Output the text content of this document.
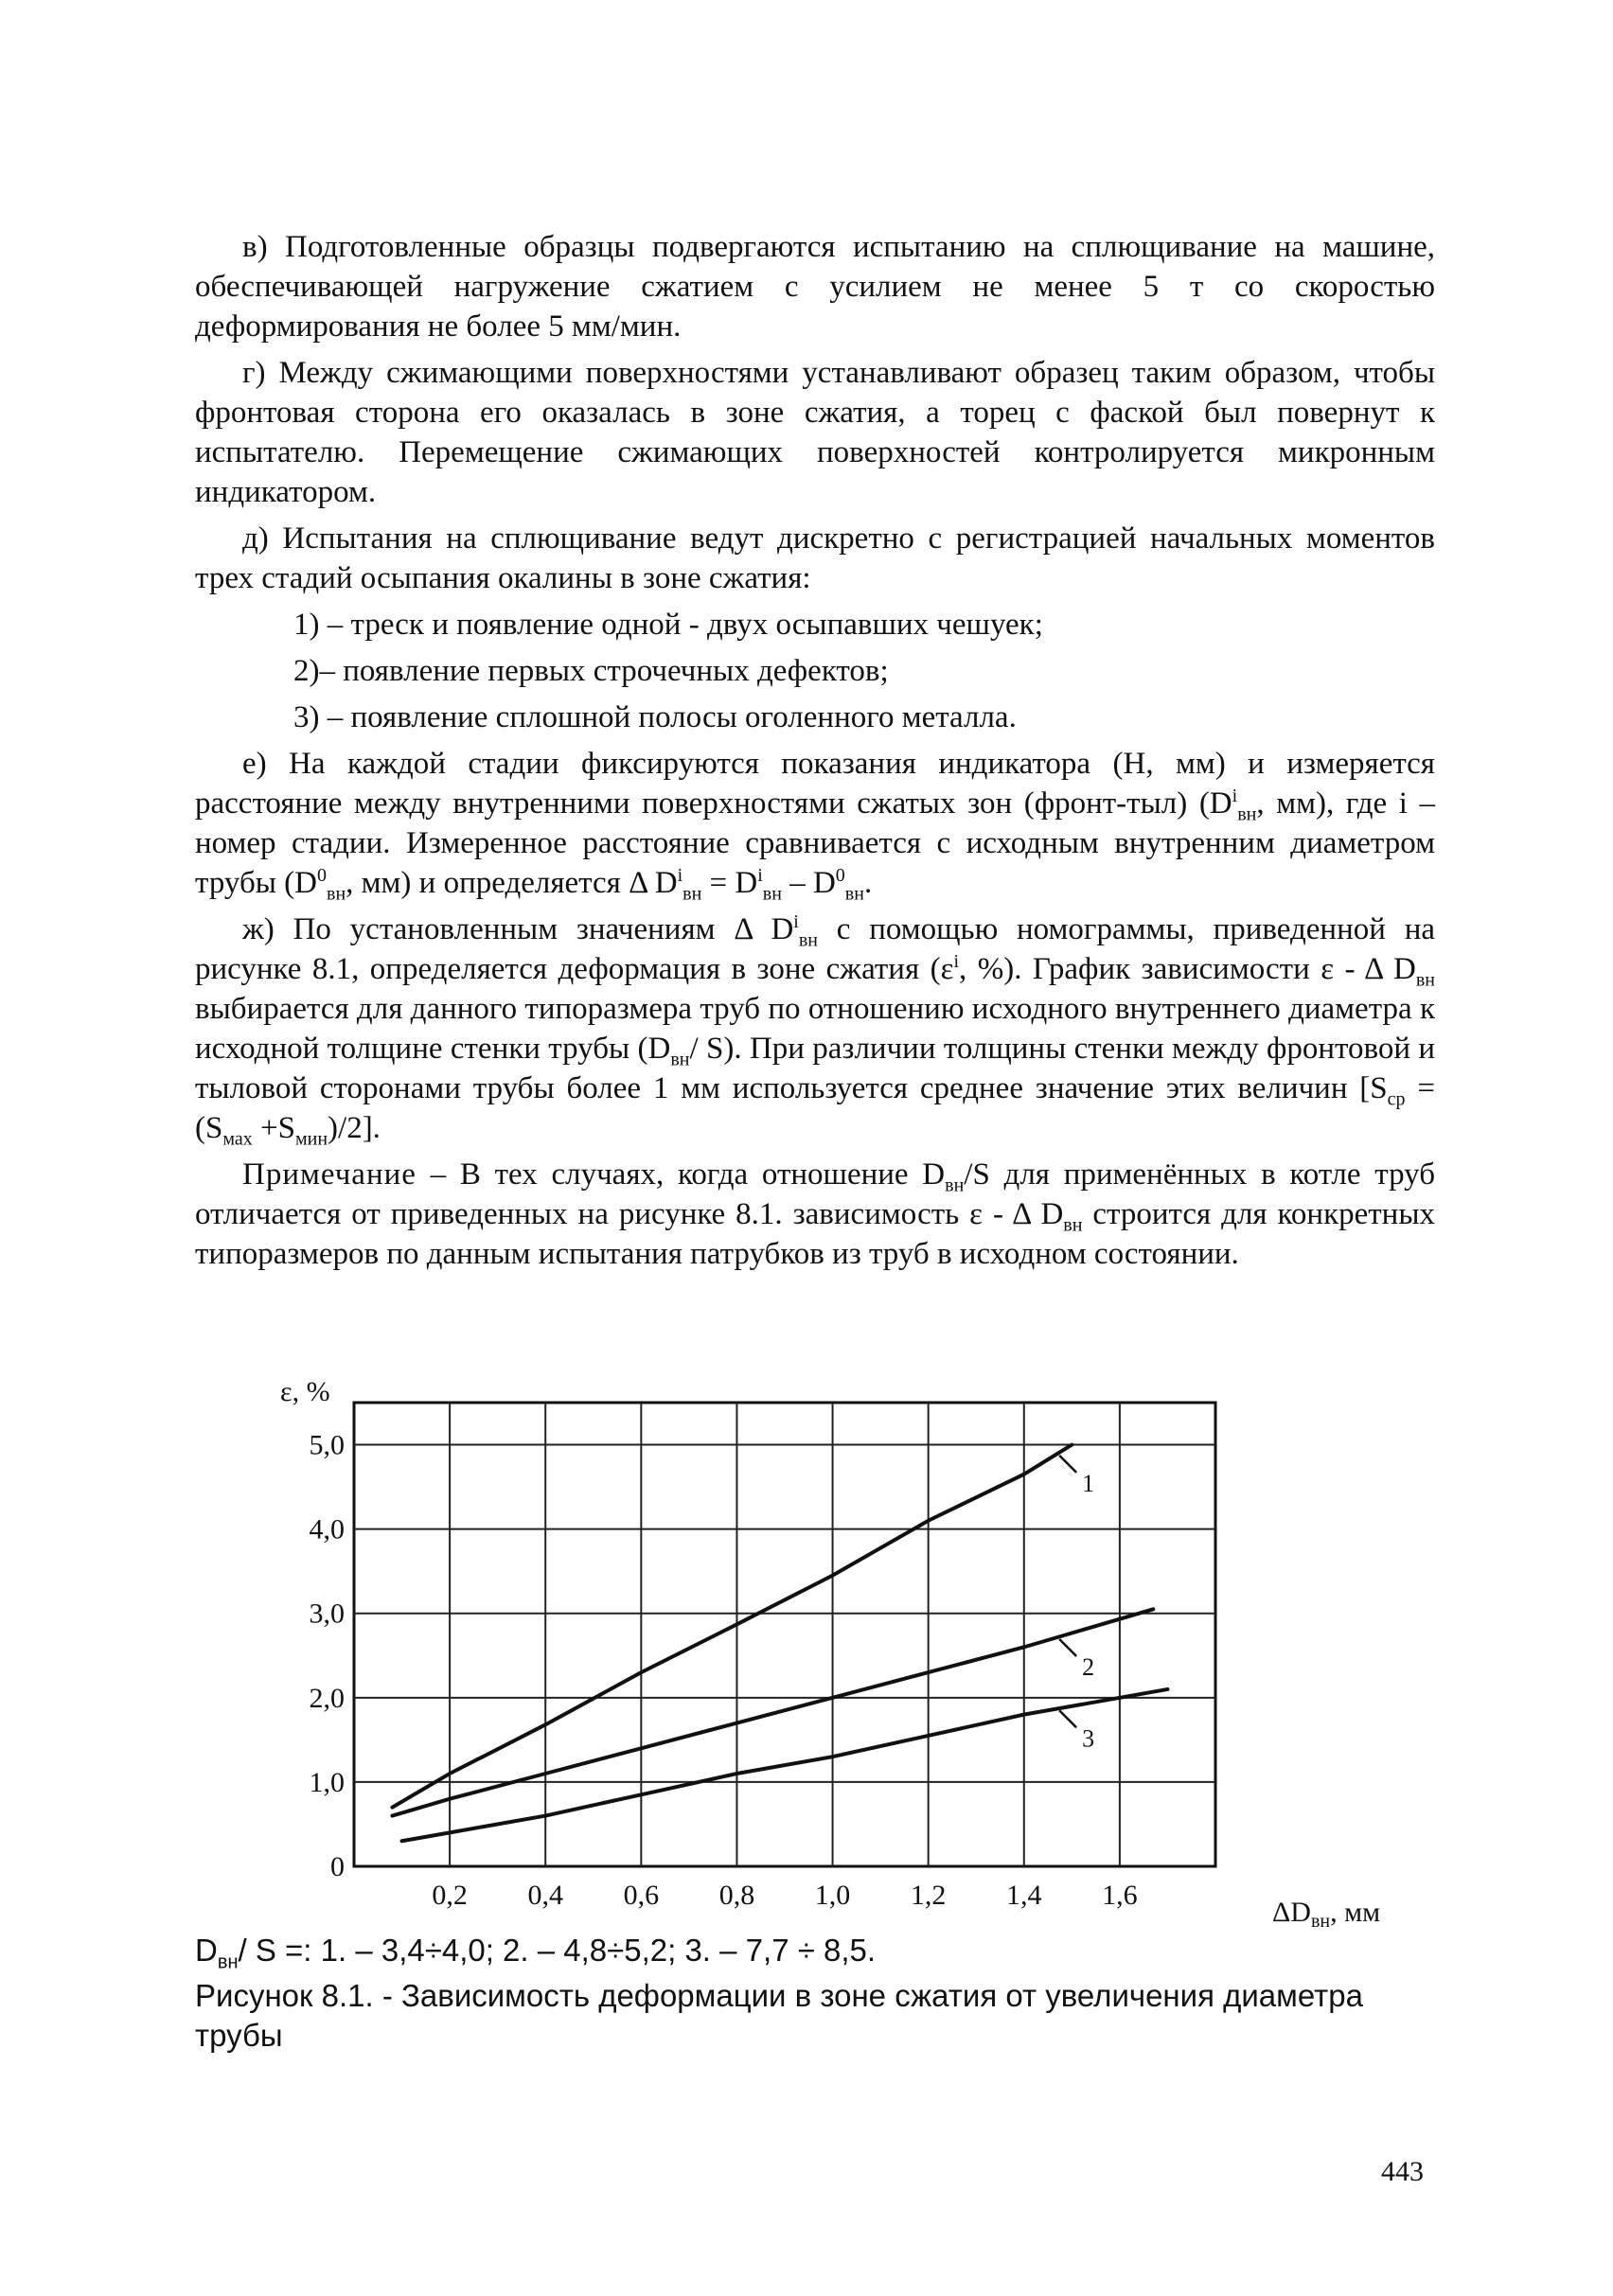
в) Подготовленные образцы подвергаются испытанию на сплющивание на машине, обеспечивающей нагружение сжатием с усилием не менее 5 т со скоростью деформирования не более 5 мм/мин.

г) Между сжимающими поверхностями устанавливают образец таким образом, чтобы фронтовая сторона его оказалась в зоне сжатия, а торец с фаской был повернут к испытателю. Перемещение сжимающих поверхностей контролируется микронным индикатором.

д) Испытания на сплющивание ведут дискретно с регистрацией начальных моментов трех стадий осыпания окалины в зоне сжатия:

1) – треск и появление одной - двух осыпавших чешуек;
2)– появление первых строчечных дефектов;
3) – появление сплошной полосы оголенного металла.

е) На каждой стадии фиксируются показания индикатора (Н, мм) и измеряется расстояние между внутренними поверхностями сжатых зон (фронт-тыл) ($D^i_{вн}$, мм), где i – номер стадии. Измеренное расстояние сравнивается с исходным внутренним диаметром трубы ($D^0_{вн}$, мм) и определяется Δ $D^i_{вн} = D^i_{вн} - D^0_{вн}$.

ж) По установленным значениям Δ $D^i_{вн}$ с помощью номограммы, приведенной на рисунке 8.1, определяется деформация в зоне сжатия ($\varepsilon^i$, %). График зависимости ε - Δ $D_{вн}$ выбирается для данного типоразмера труб по отношению исходного внутреннего диаметра к исходной толщине стенки трубы ($D_{вн}/$ S). При различии толщины стенки между фронтовой и тыловой сторонами трубы более 1 мм используется среднее значение этих величин $[S_{ср} = (S_{мах} +S_{мин})/2]$.

Примечание – В тех случаях, когда отношение $D_{вн}/S$ для применённых в котле труб отличается от приведенных на рисунке 8.1. зависимость ε - Δ $D_{вн}$ строится для конкретных типоразмеров по данным испытания патрубков из труб в исходном состоянии.

0,2 0,4 0,6 0,8 1,0 1,2 1,4 1,6
0
1,0
2,0
3,0
4,0
5,0
ε, %
$\Delta D_{вн}$, мм
1
2
3
$D_{вн}/$ S =: 1. – 3,4÷4,0; 2. – 4,8÷5,2; 3. – 7,7 ÷ 8,5.
Рисунок 8.1. - Зависимость деформации в зоне сжатия от увеличения диаметра трубы
443
